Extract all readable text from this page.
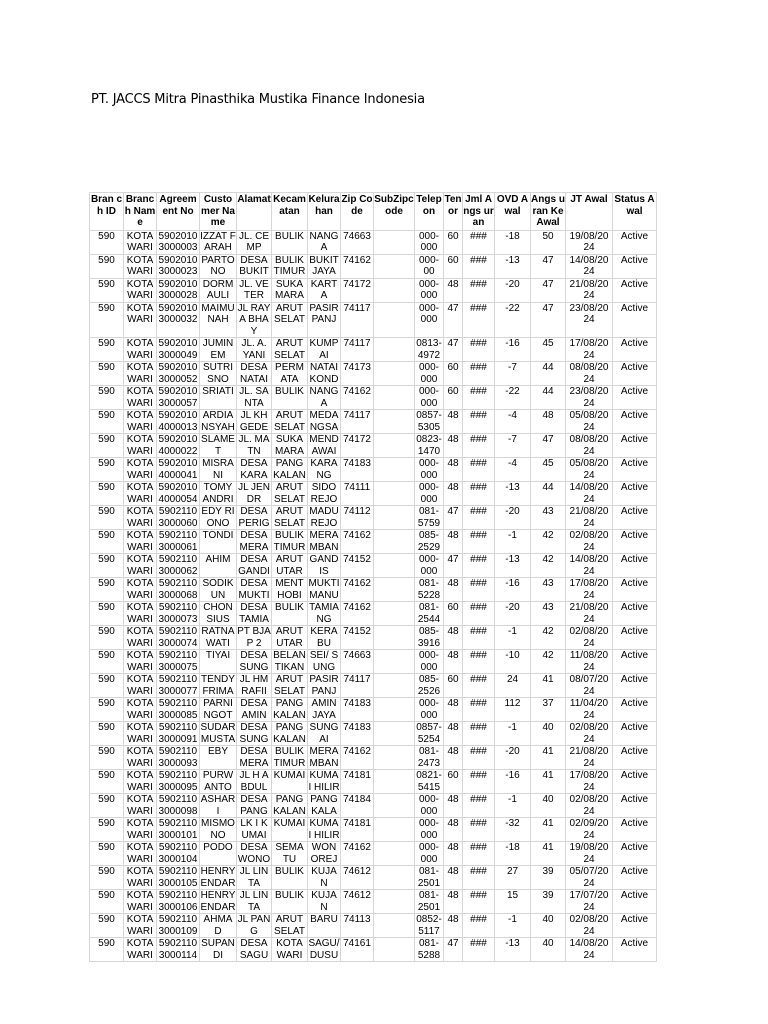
PT. JACCS Mitra Pinasthika Mustika Finance Indonesia
Bran ch ID	Branc h Name	Agreem ent No	Custo mer Name	Alamat	Kecam atan	Kelura han	Zip Code	SubZipc ode	Telep on	Ten or	Jml Angs uran	OVD Awal	Angs uran Ke Awal	JT Awal	Status Awal
590	KOTA WARI	5902010 3000003	IZZAT FARAH	JL. CEMP	BULIK	NANG A	74663		000- 000	60	###	-18	50	19/08/20 24	Active
590	KOTA WARI	5902010 3000023	PARTO NO	DESA BUKIT	BULIK TIMUR	BUKIT JAYA	74162		000- 00	60	###	-13	47	14/08/20 24	Active
590	KOTA WARI	5902010 3000028	DORM AULI	JL. VETER	SUKA MARA	KART A	74172		000- 000	48	###	-20	47	21/08/20 24	Active
590	KOTA WARI	5902010 3000032	MAIMU NAH	JL RAYA BHAY	ARUT SELAT	PASIR PANJ	74117		000- 000	47	###	-22	47	23/08/20 24	Active
590	KOTA WARI	5902010 3000049	JUMIN EM	JL. A. YANI	ARUT SELAT	KUMP AI	74117		0813- 4972	47	###	-16	45	17/08/20 24	Active
590	KOTA WARI	5902010 3000052	SUTRI SNO	DESA NATAI	PERM ATA	NATAI KOND	74173		000- 000	60	###	-7	44	08/08/20 24	Active
590	KOTA WARI	5902010 3000057	SRIATI	JL. SANTA	BULIK	NANG A	74162		000- 000	60	###	-22	44	23/08/20 24	Active
590	KOTA WARI	5902010 4000013	ARDIA NSYAH	JL KH GEDE	ARUT SELAT	MEDA NGSA	74117		0857- 5305	48	###	-4	48	05/08/20 24	Active
590	KOTA WARI	5902010 4000022	SLAME T	JL. MATN	SUKA MARA	MEND AWAI	74172		0823- 1470	48	###	-7	47	08/08/20 24	Active
590	KOTA WARI	5902010 4000041	MISRA NI	DESA KARA	PANG KALAN	KARA NG	74183		000- 000	48	###	-4	45	05/08/20 24	Active
590	KOTA WARI	5902010 4000054	TOMY ANDRI	JL JENDR	ARUT SELAT	SIDO REJO	74111		000- 000	48	###	-13	44	14/08/20 24	Active
590	KOTA WARI	5902110 3000060	EDY RIONO	DESA PERIG	ARUT SELAT	MADU REJO	74112		081- 5759	47	###	-20	43	21/08/20 24	Active
590	KOTA WARI	5902110 3000061	TONDI	DESA MERA	BULIK TIMUR	MERA MBAN	74162		085- 2529	48	###	-1	42	02/08/20 24	Active
590	KOTA WARI	5902110 3000062	AHIM	DESA GANDI	ARUT UTAR	GAND IS	74152		000- 000	47	###	-13	42	14/08/20 24	Active
590	KOTA WARI	5902110 3000068	SODIK UN	DESA MUKTI	MENT HOBI	MUKTI MANU	74162		081- 5228	48	###	-16	43	17/08/20 24	Active
590	KOTA WARI	5902110 3000073	CHON SIUS	DESA TAMIA	BULIK	TAMIA NG	74162		081- 2544	60	###	-20	43	21/08/20 24	Active
590	KOTA WARI	5902110 3000074	RATNA WATI	PT BJAP 2	ARUT UTAR	KERA BU	74152		085- 3916	48	###	-1	42	02/08/20 24	Active
590	KOTA WARI	5902110 3000075	TIYAI	DESA SUNG	BELAN TIKAN	SEI/ SUNG	74663		000- 000	48	###	-10	42	11/08/20 24	Active
590	KOTA WARI	5902110 3000077	TENDY FRIMA	JL HM RAFII	ARUT SELAT	PASIR PANJ	74117		085- 2526	60	###	24	41	08/07/20 24	Active
590	KOTA WARI	5902110 3000085	PARNI NGOT	DESA AMIN	PANG KALAN	AMIN JAYA	74183		000- 000	48	###	112	37	11/04/20 24	Active
590	KOTA WARI	5902110 3000091	SUDAR MUSTA	DESA SUNG	PANG KALAN	SUNG AI	74183		0857- 5254	48	###	-1	40	02/08/20 24	Active
590	KOTA WARI	5902110 3000093	EBY	DESA MERA	BULIK TIMUR	MERA MBAN	74162		081- 2473	48	###	-20	41	21/08/20 24	Active
590	KOTA WARI	5902110 3000095	PURW ANTO	JL H ABDUL	KUMAI	KUMA I HILIR	74181		0821- 5415	60	###	-16	41	17/08/20 24	Active
590	KOTA WARI	5902110 3000098	ASHAR I	DESA PANG	PANG KALAN	PANG KALA	74184		000- 000	48	###	-1	40	02/08/20 24	Active
590	KOTA WARI	5902110 3000101	MISMO NO	LK I KUMAI	KUMAI	KUMA I HILIR	74181		000- 000	48	###	-32	41	02/09/20 24	Active
590	KOTA WARI	5902110 3000104	PODO	DESA WONO	SEMA TU	WON OREJ	74162		000- 000	48	###	-18	41	19/08/20 24	Active
590	KOTA WARI	5902110 3000105	HENRY ENDAR	JL LINTA	BULIK	KUJA N	74612		081- 2501	48	###	27	39	05/07/20 24	Active
590	KOTA WARI	5902110 3000106	HENRY ENDAR	JL LINTA	BULIK	KUJA N	74612		081- 2501	48	###	15	39	17/07/20 24	Active
590	KOTA WARI	5902110 3000109	AHMA D	JL PANG	ARUT SELAT	BARU	74113		0852- 5117	48	###	-1	40	02/08/20 24	Active
590	KOTA WARI	5902110 3000114	SUPAN DI	DESA SAGU	KOTA WARI	SAGU/ DUSU	74161		081- 5288	47	###	-13	40	14/08/20 24	Active
